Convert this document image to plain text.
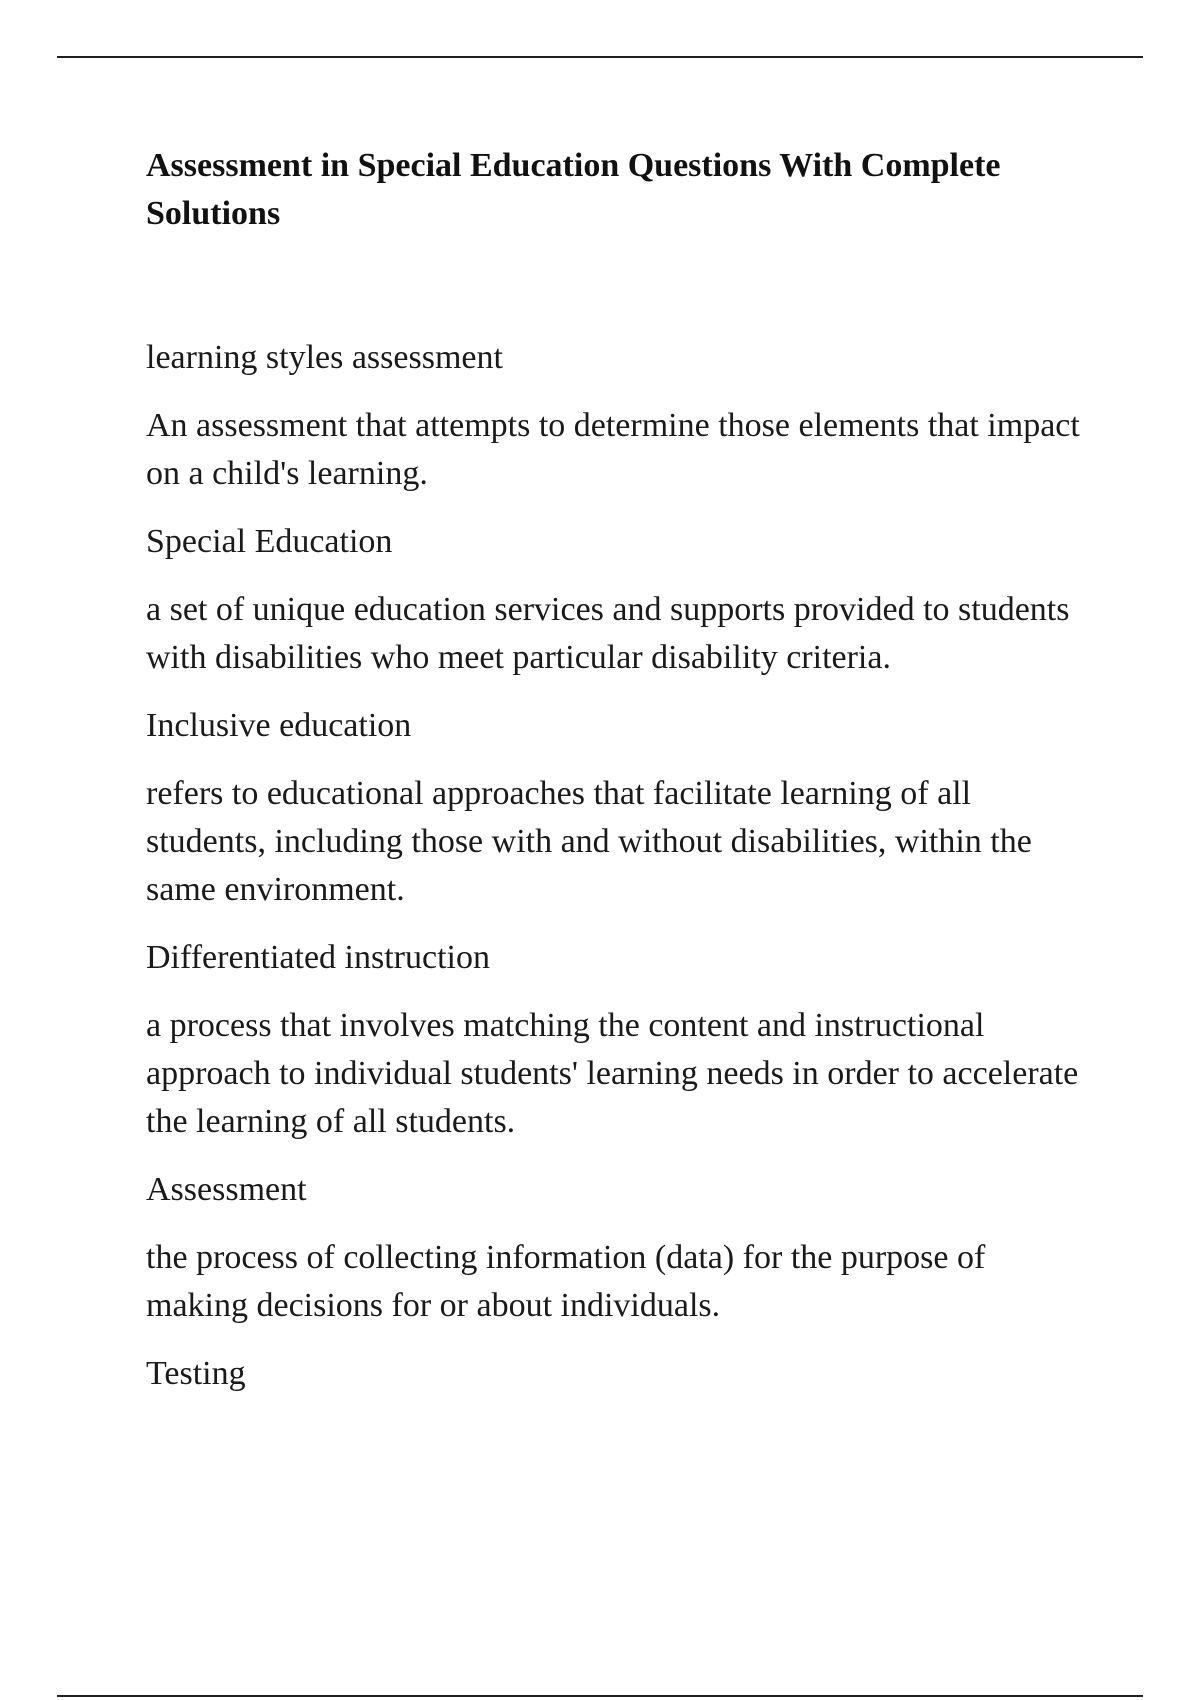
Assessment in Special Education Questions With Complete Solutions

learning styles assessment

An assessment that attempts to determine those elements that impact on a child's learning.

Special Education

a set of unique education services and supports provided to students with disabilities who meet particular disability criteria.

Inclusive education

refers to educational approaches that facilitate learning of all students, including those with and without disabilities, within the same environment.

Differentiated instruction

a process that involves matching the content and instructional approach to individual students' learning needs in order to accelerate the learning of all students.

Assessment

the process of collecting information (data) for the purpose of making decisions for or about individuals.

Testing
